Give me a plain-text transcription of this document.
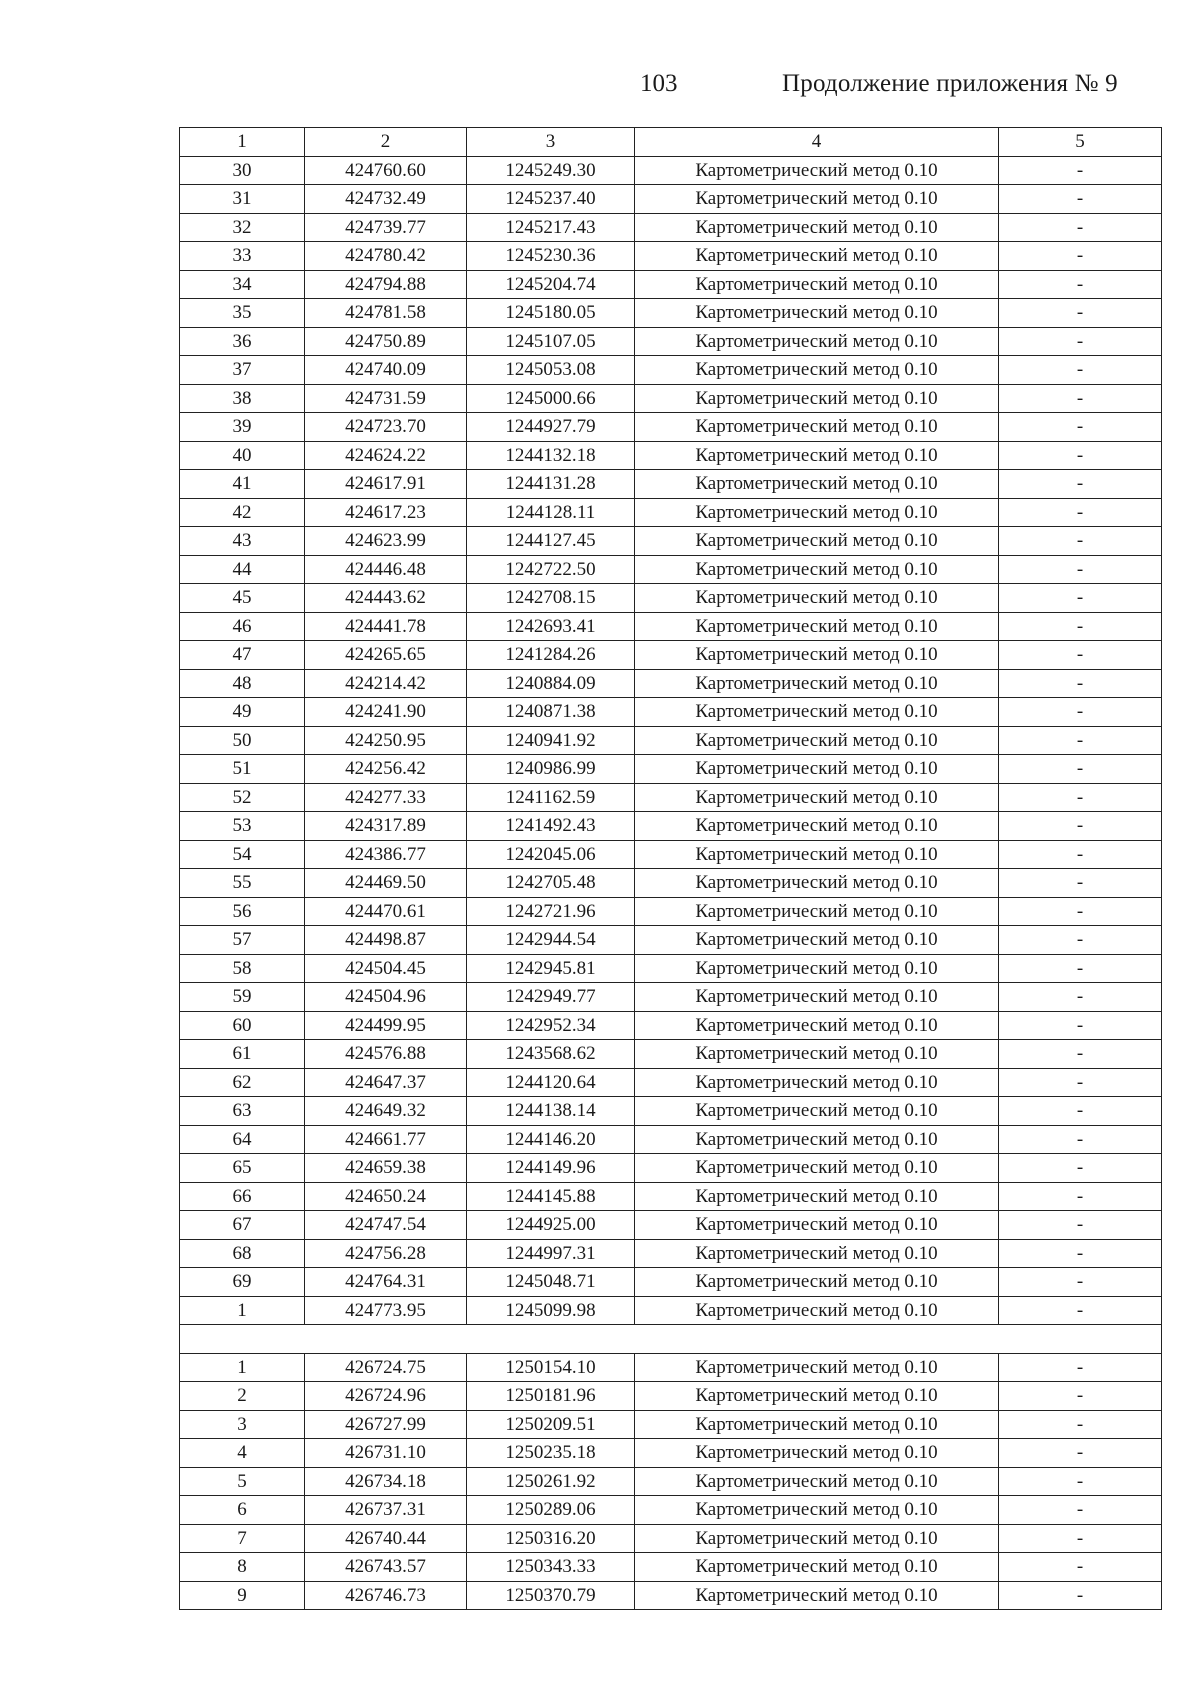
103	Продолжение приложения № 9
1	2	3	4	5
30	424760.60	1245249.30	Картометрический метод 0.10	-
31	424732.49	1245237.40	Картометрический метод 0.10	-
32	424739.77	1245217.43	Картометрический метод 0.10	-
33	424780.42	1245230.36	Картометрический метод 0.10	-
34	424794.88	1245204.74	Картометрический метод 0.10	-
35	424781.58	1245180.05	Картометрический метод 0.10	-
36	424750.89	1245107.05	Картометрический метод 0.10	-
37	424740.09	1245053.08	Картометрический метод 0.10	-
38	424731.59	1245000.66	Картометрический метод 0.10	-
39	424723.70	1244927.79	Картометрический метод 0.10	-
40	424624.22	1244132.18	Картометрический метод 0.10	-
41	424617.91	1244131.28	Картометрический метод 0.10	-
42	424617.23	1244128.11	Картометрический метод 0.10	-
43	424623.99	1244127.45	Картометрический метод 0.10	-
44	424446.48	1242722.50	Картометрический метод 0.10	-
45	424443.62	1242708.15	Картометрический метод 0.10	-
46	424441.78	1242693.41	Картометрический метод 0.10	-
47	424265.65	1241284.26	Картометрический метод 0.10	-
48	424214.42	1240884.09	Картометрический метод 0.10	-
49	424241.90	1240871.38	Картометрический метод 0.10	-
50	424250.95	1240941.92	Картометрический метод 0.10	-
51	424256.42	1240986.99	Картометрический метод 0.10	-
52	424277.33	1241162.59	Картометрический метод 0.10	-
53	424317.89	1241492.43	Картометрический метод 0.10	-
54	424386.77	1242045.06	Картометрический метод 0.10	-
55	424469.50	1242705.48	Картометрический метод 0.10	-
56	424470.61	1242721.96	Картометрический метод 0.10	-
57	424498.87	1242944.54	Картометрический метод 0.10	-
58	424504.45	1242945.81	Картометрический метод 0.10	-
59	424504.96	1242949.77	Картометрический метод 0.10	-
60	424499.95	1242952.34	Картометрический метод 0.10	-
61	424576.88	1243568.62	Картометрический метод 0.10	-
62	424647.37	1244120.64	Картометрический метод 0.10	-
63	424649.32	1244138.14	Картометрический метод 0.10	-
64	424661.77	1244146.20	Картометрический метод 0.10	-
65	424659.38	1244149.96	Картометрический метод 0.10	-
66	424650.24	1244145.88	Картометрический метод 0.10	-
67	424747.54	1244925.00	Картометрический метод 0.10	-
68	424756.28	1244997.31	Картометрический метод 0.10	-
69	424764.31	1245048.71	Картометрический метод 0.10	-
1	424773.95	1245099.98	Картометрический метод 0.10	-

1	426724.75	1250154.10	Картометрический метод 0.10	-
2	426724.96	1250181.96	Картометрический метод 0.10	-
3	426727.99	1250209.51	Картометрический метод 0.10	-
4	426731.10	1250235.18	Картометрический метод 0.10	-
5	426734.18	1250261.92	Картометрический метод 0.10	-
6	426737.31	1250289.06	Картометрический метод 0.10	-
7	426740.44	1250316.20	Картометрический метод 0.10	-
8	426743.57	1250343.33	Картометрический метод 0.10	-
9	426746.73	1250370.79	Картометрический метод 0.10	-
